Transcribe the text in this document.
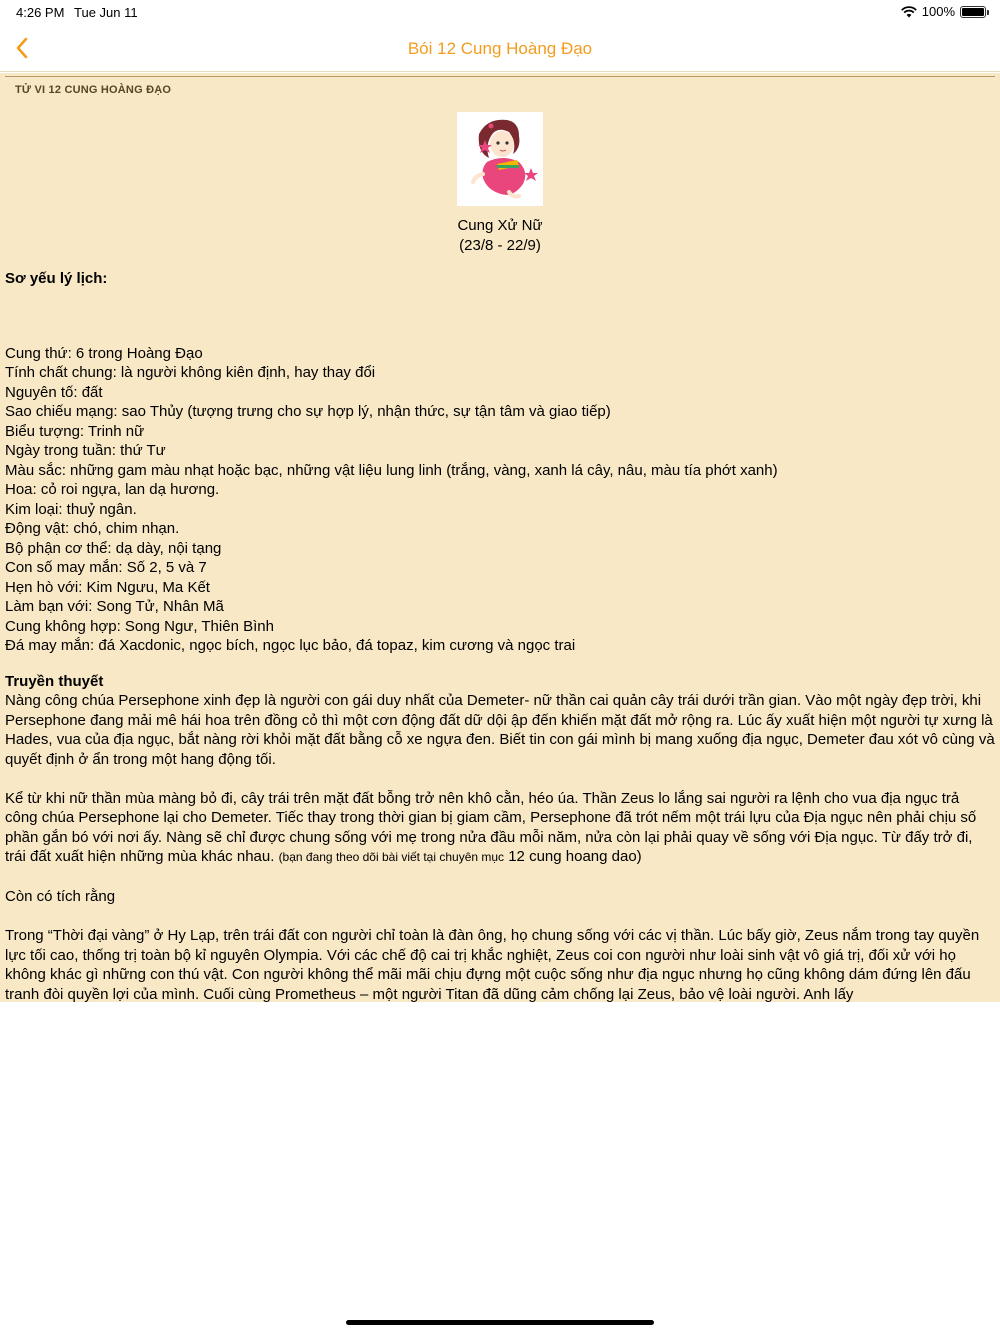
4:26 PM Tue Jun 11	100%
Bói 12 Cung Hoàng Đạo
TỬ VI 12 CUNG HOÀNG ĐẠO
Cung Xử Nữ
(23/8 - 22/9)

Sơ yếu lý lịch:

Cung thứ: 6 trong Hoàng Đạo

Tính chất chung: là người không kiên định, hay thay đổi

Nguyên tố: đất

Sao chiếu mạng: sao Thủy (tượng trưng cho sự hợp lý, nhận thức, sự tận tâm và giao tiếp)

Biểu tượng: Trinh nữ

Ngày trong tuần: thứ Tư

Màu sắc: những gam màu nhạt hoặc bạc, những vật liệu lung linh (trắng, vàng, xanh lá cây, nâu, màu tía phớt xanh)

Hoa: cỏ roi ngựa, lan dạ hương.

Kim loại: thuỷ ngân.

Động vật: chó, chim nhạn.

Bộ phận cơ thể: dạ dày, nội tạng

Con số may mắn: Số 2, 5 và 7

Hẹn hò với: Kim Ngưu, Ma Kết

Làm bạn với: Song Tử, Nhân Mã

Cung không hợp: Song Ngư, Thiên Bình

Đá may mắn: đá Xacdonic, ngọc bích, ngọc lục bảo, đá topaz, kim cương và ngọc trai

Truyền thuyết

Nàng công chúa Persephone xinh đẹp là người con gái duy nhất của Demeter- nữ thần cai quản cây trái dưới trần gian. Vào một ngày đẹp trời, khi Persephone đang mải mê hái hoa trên đồng cỏ thì một cơn động đất dữ dội ập đến khiến mặt đất mở rộng ra. Lúc ấy xuất hiện một người tự xưng là Hades, vua của địa ngục, bắt nàng rời khỏi mặt đất bằng cỗ xe ngựa đen. Biết tin con gái mình bị mang xuống địa ngục, Demeter đau xót vô cùng và quyết định ở ẩn trong một hang động tối.

Kể từ khi nữ thần mùa màng bỏ đi, cây trái trên mặt đất bỗng trở nên khô cằn, héo úa. Thần Zeus lo lắng sai người ra lệnh cho vua địa ngục trả công chúa Persephone lại cho Demeter. Tiếc thay trong thời gian bị giam cầm, Persephone đã trót nếm một trái lựu của Địa ngục nên phải chịu số phần gắn bó với nơi ấy. Nàng sẽ chỉ được chung sống với mẹ trong nửa đầu mỗi năm, nửa còn lại phải quay về sống với Địa ngục. Từ đấy trở đi, trái đất xuất hiện những mùa khác nhau. (bạn đang theo dõi bài viết tại chuyên mục 12 cung hoang dao)

Còn có tích rằng

Trong “Thời đại vàng” ở Hy Lạp, trên trái đất con người chỉ toàn là đàn ông, họ chung sống với các vị thần. Lúc bấy giờ, Zeus nắm trong tay quyền lực tối cao, thống trị toàn bộ kỉ nguyên Olympia. Với các chế độ cai trị khắc nghiệt, Zeus coi con người như loài sinh vật vô giá trị, đối xử với họ không khác gì những con thú vật. Con người không thể mãi mãi chịu đựng một cuộc sống như địa ngục nhưng họ cũng không dám đứng lên đấu tranh đòi quyền lợi của mình. Cuối cùng Prometheus – một người Titan đã dũng cảm chống lại Zeus, bảo vệ loài người. Anh lấy
